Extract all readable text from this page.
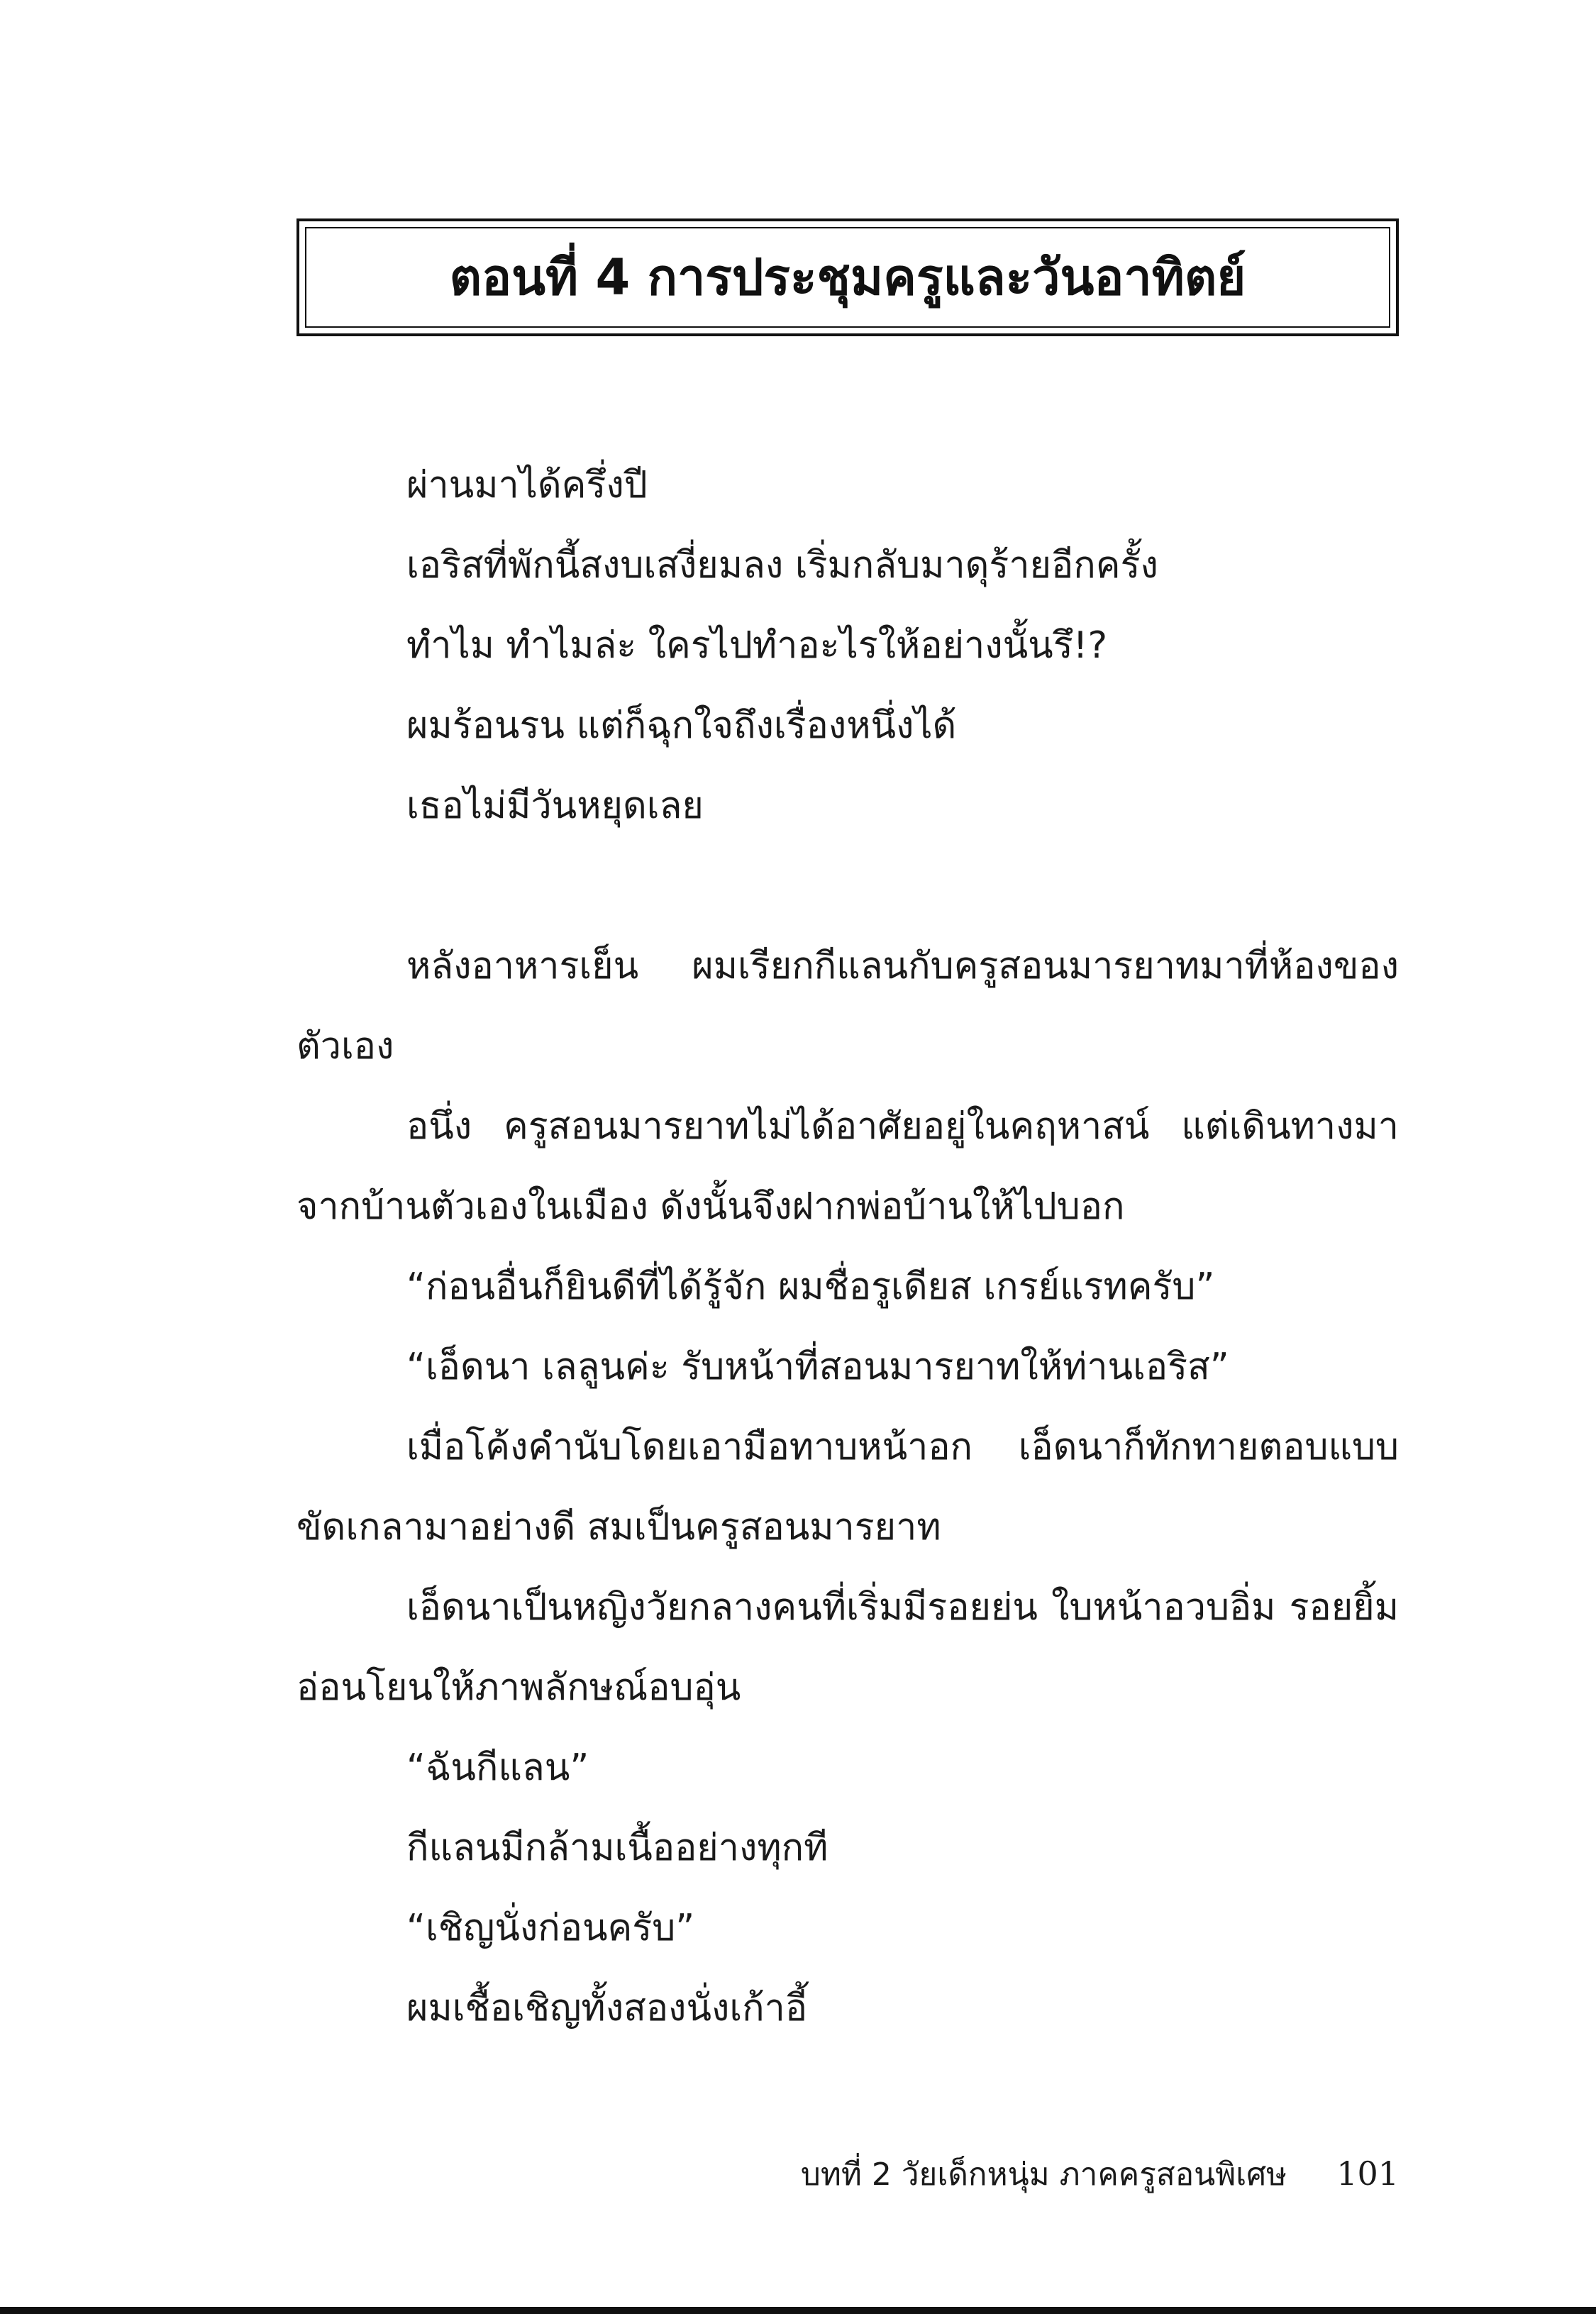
ตอนที่ 4 การประชุมครูและวันอาทิตย์
ผ่านมาได้ครึ่งปี
เอริสที่พักนี้สงบเสงี่ยมลง เริ่มกลับมาดุร้ายอีกครั้ง
ทำไม ทำไมล่ะ ใครไปทำอะไรให้อย่างนั้นรึ!?
ผมร้อนรน แต่ก็ฉุกใจถึงเรื่องหนึ่งได้
เธอไม่มีวันหยุดเลย
หลังอาหารเย็น ผมเรียกกีแลนกับครูสอนมารยาทมาที่ห้องของ
ตัวเอง
อนึ่ง ครูสอนมารยาทไม่ได้อาศัยอยู่ในคฤหาสน์ แต่เดินทางมา
จากบ้านตัวเองในเมือง ดังนั้นจึงฝากพ่อบ้านให้ไปบอก
“ก่อนอื่นก็ยินดีที่ได้รู้จัก ผมชื่อรูเดียส เกรย์แรทครับ”
“เอ็ดนา เลลูนค่ะ รับหน้าที่สอนมารยาทให้ท่านเอริส”
เมื่อโค้งคำนับโดยเอามือทาบหน้าอก เอ็ดนาก็ทักทายตอบแบบ
ขัดเกลามาอย่างดี สมเป็นครูสอนมารยาท
เอ็ดนาเป็นหญิงวัยกลางคนที่เริ่มมีรอยย่น ใบหน้าอวบอิ่ม รอยยิ้ม
อ่อนโยนให้ภาพลักษณ์อบอุ่น
“ฉันกีแลน”
กีแลนมีกล้ามเนื้ออย่างทุกที
“เชิญนั่งก่อนครับ”
ผมเชื้อเชิญทั้งสองนั่งเก้าอี้
บทที่ 2 วัยเด็กหนุ่ม ภาคครูสอนพิเศษ 101
